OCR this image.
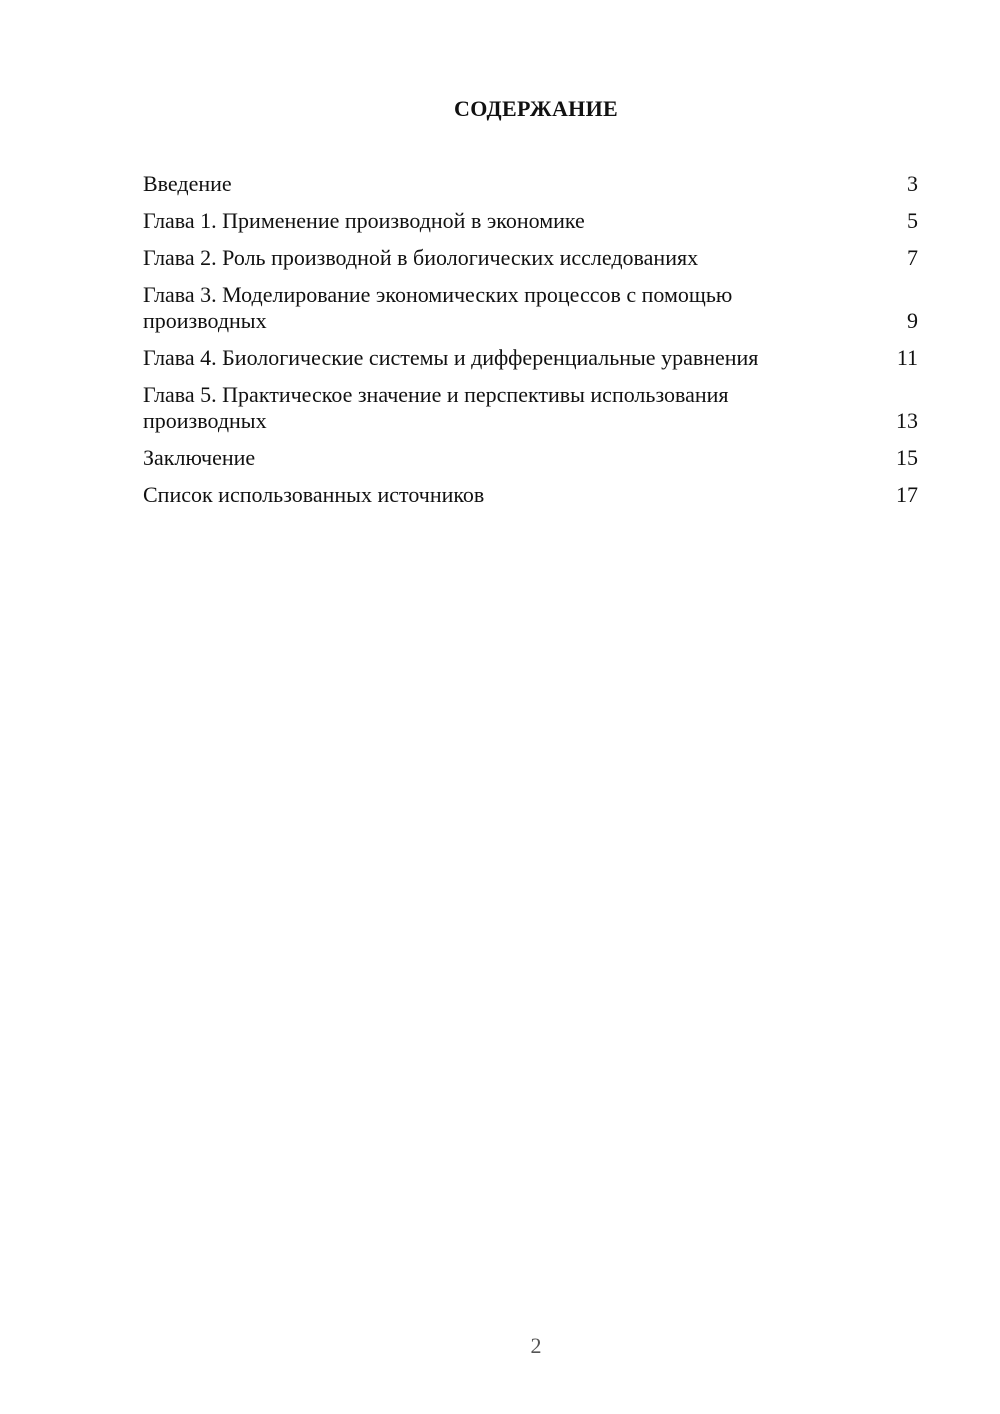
СОДЕРЖАНИЕ
Введение	3
Глава 1. Применение производной в экономике	5
Глава 2. Роль производной в биологических исследованиях	7
Глава 3. Моделирование экономических процессов с помощью производных	9
Глава 4. Биологические системы и дифференциальные уравнения	11
Глава 5. Практическое значение и перспективы использования производных	13
Заключение	15
Список использованных источников	17
2
